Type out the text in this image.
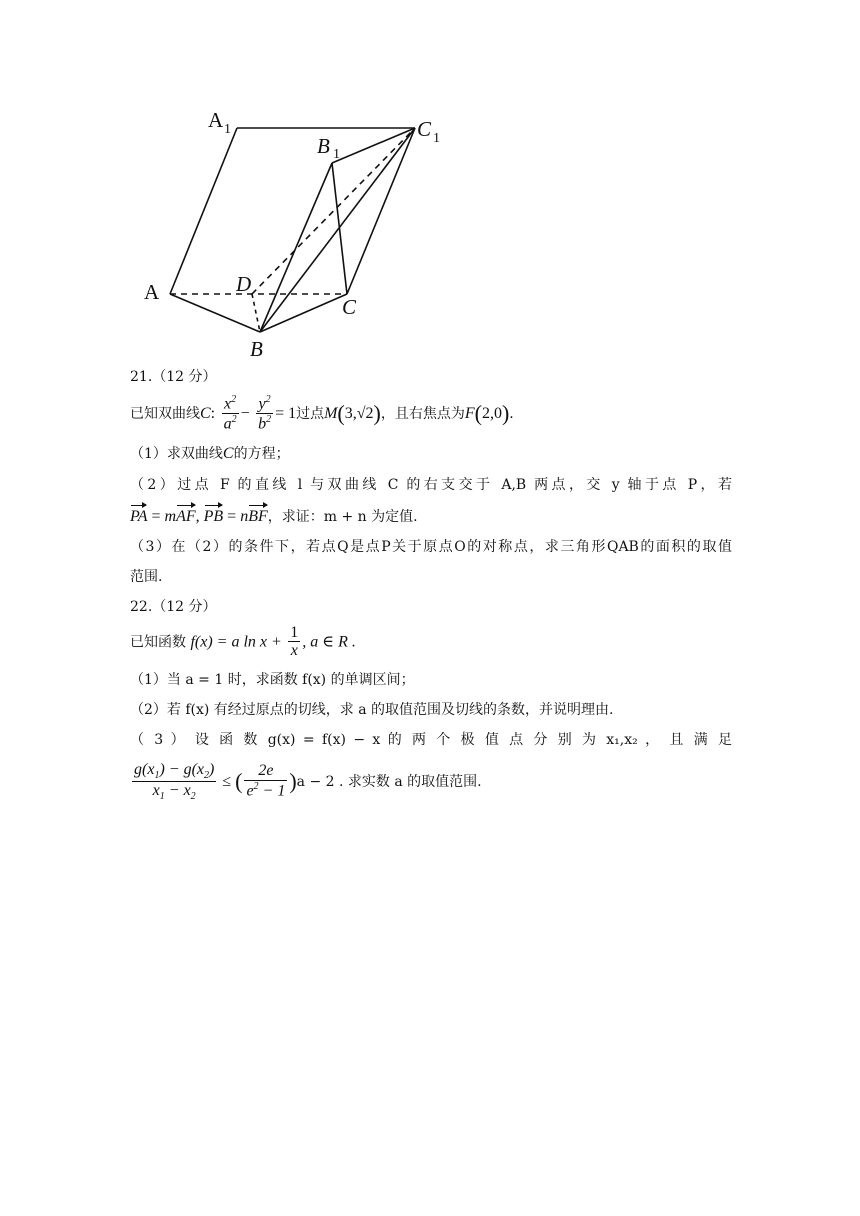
A 1
B 1
C 1
A	D
C
B
21.（12 分）
已知双曲线C: $\frac{x^2}{a^2} - \frac{y^2}{b^2} = 1$过点M(3,√2)，且右焦点为F(2,0).
（1）求双曲线C的方程；
（2）过点 F 的直线 l 与双曲线 C 的右支交于 A,B 两点，交 y 轴于点 P，若
PA = mAF, PB = nBF，求证：m + n 为定值.
（3）在（2）的条件下，若点Q是点P关于原点O的对称点，求三角形QAB的面积的取值
范围.
22.（12 分）
已知函数 f(x) = a $\ln x + \frac{1}{x}$ , a ∈ R .
（1）当 a = 1 时，求函数 f(x) 的单调区间；
（2）若 f(x) 有经过原点的切线，求 a 的取值范围及切线的条数，并说明理由.
（ 3 ） 设 函 数 g(x) = f(x) − x 的 两 个 极 值 点 分 别 为 x₁,x₂ ， 且 满 足
$\frac{g(x_1) - g(x_2)}{x_1 - x_2}$ ≤ ( $\frac{2e}{e^2 - 1} )a - 2$ . 求实数 a 的取值范围.
